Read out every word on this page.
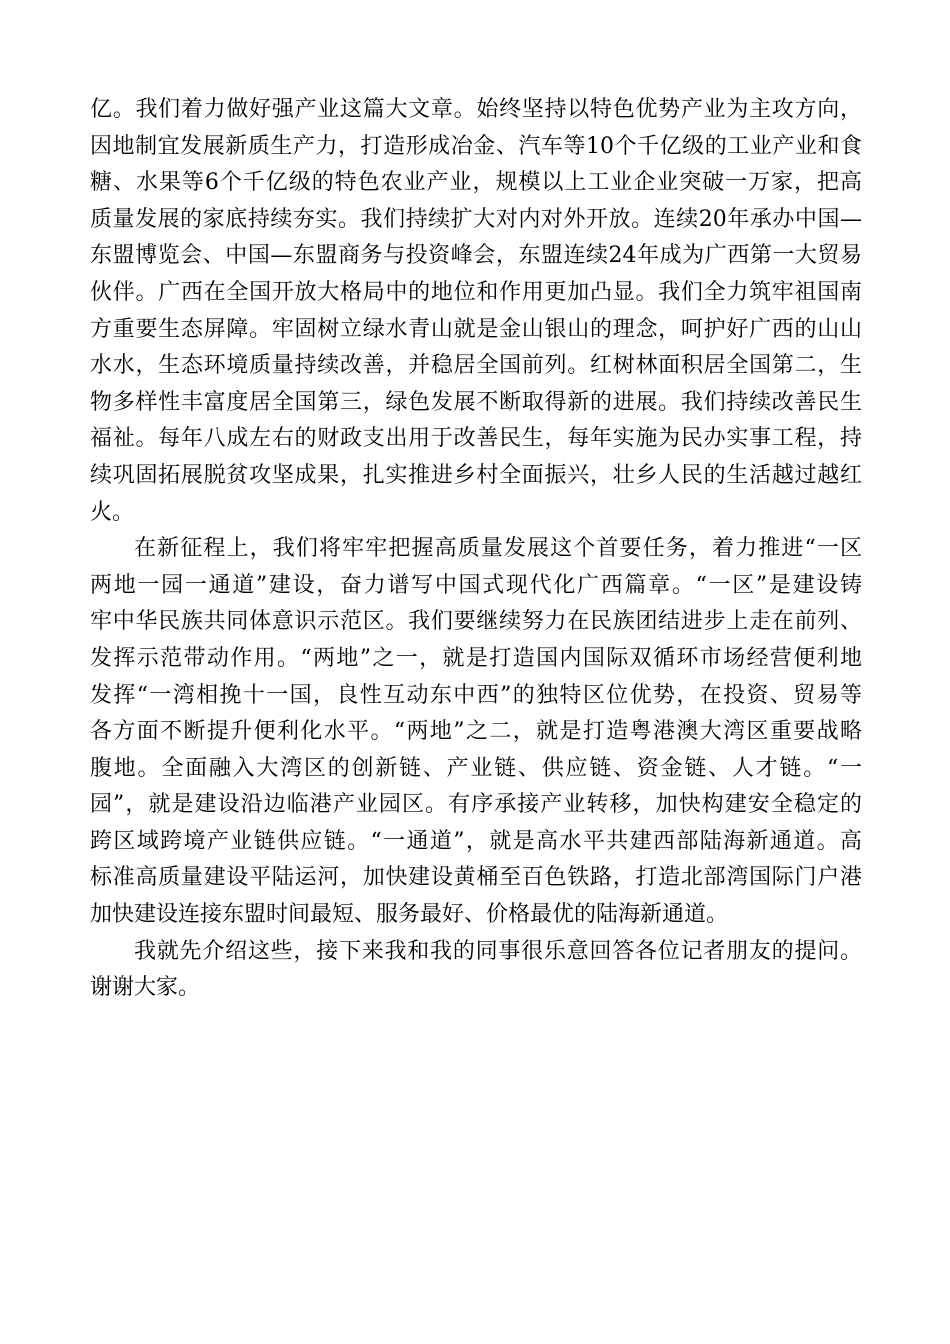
亿。我们着力做好强产业这篇大文章。始终坚持以特色优势产业为主攻方向，
因地制宜发展新质生产力，打造形成冶金、汽车等10个千亿级的工业产业和食
糖、水果等6个千亿级的特色农业产业，规模以上工业企业突破一万家，把高
质量发展的家底持续夯实。我们持续扩大对内对外开放。连续20年承办中国—
东盟博览会、中国—东盟商务与投资峰会，东盟连续24年成为广西第一大贸易
伙伴。广西在全国开放大格局中的地位和作用更加凸显。我们全力筑牢祖国南
方重要生态屏障。牢固树立绿水青山就是金山银山的理念，呵护好广西的山山
水水，生态环境质量持续改善，并稳居全国前列。红树林面积居全国第二，生
物多样性丰富度居全国第三，绿色发展不断取得新的进展。我们持续改善民生
福祉。每年八成左右的财政支出用于改善民生，每年实施为民办实事工程，持
续巩固拓展脱贫攻坚成果，扎实推进乡村全面振兴，壮乡人民的生活越过越红
火。
在新征程上，我们将牢牢把握高质量发展这个首要任务，着力推进“一区
两地一园一通道”建设，奋力谱写中国式现代化广西篇章。“一区”是建设铸
牢中华民族共同体意识示范区。我们要继续努力在民族团结进步上走在前列、
发挥示范带动作用。“两地”之一，就是打造国内国际双循环市场经营便利地
发挥“一湾相挽十一国，良性互动东中西”的独特区位优势，在投资、贸易等
各方面不断提升便利化水平。“两地”之二，就是打造粤港澳大湾区重要战略
腹地。全面融入大湾区的创新链、产业链、供应链、资金链、人才链。“一
园”，就是建设沿边临港产业园区。有序承接产业转移，加快构建安全稳定的
跨区域跨境产业链供应链。“一通道”，就是高水平共建西部陆海新通道。高
标准高质量建设平陆运河，加快建设黄桶至百色铁路，打造北部湾国际门户港
加快建设连接东盟时间最短、服务最好、价格最优的陆海新通道。
我就先介绍这些，接下来我和我的同事很乐意回答各位记者朋友的提问。
谢谢大家。
